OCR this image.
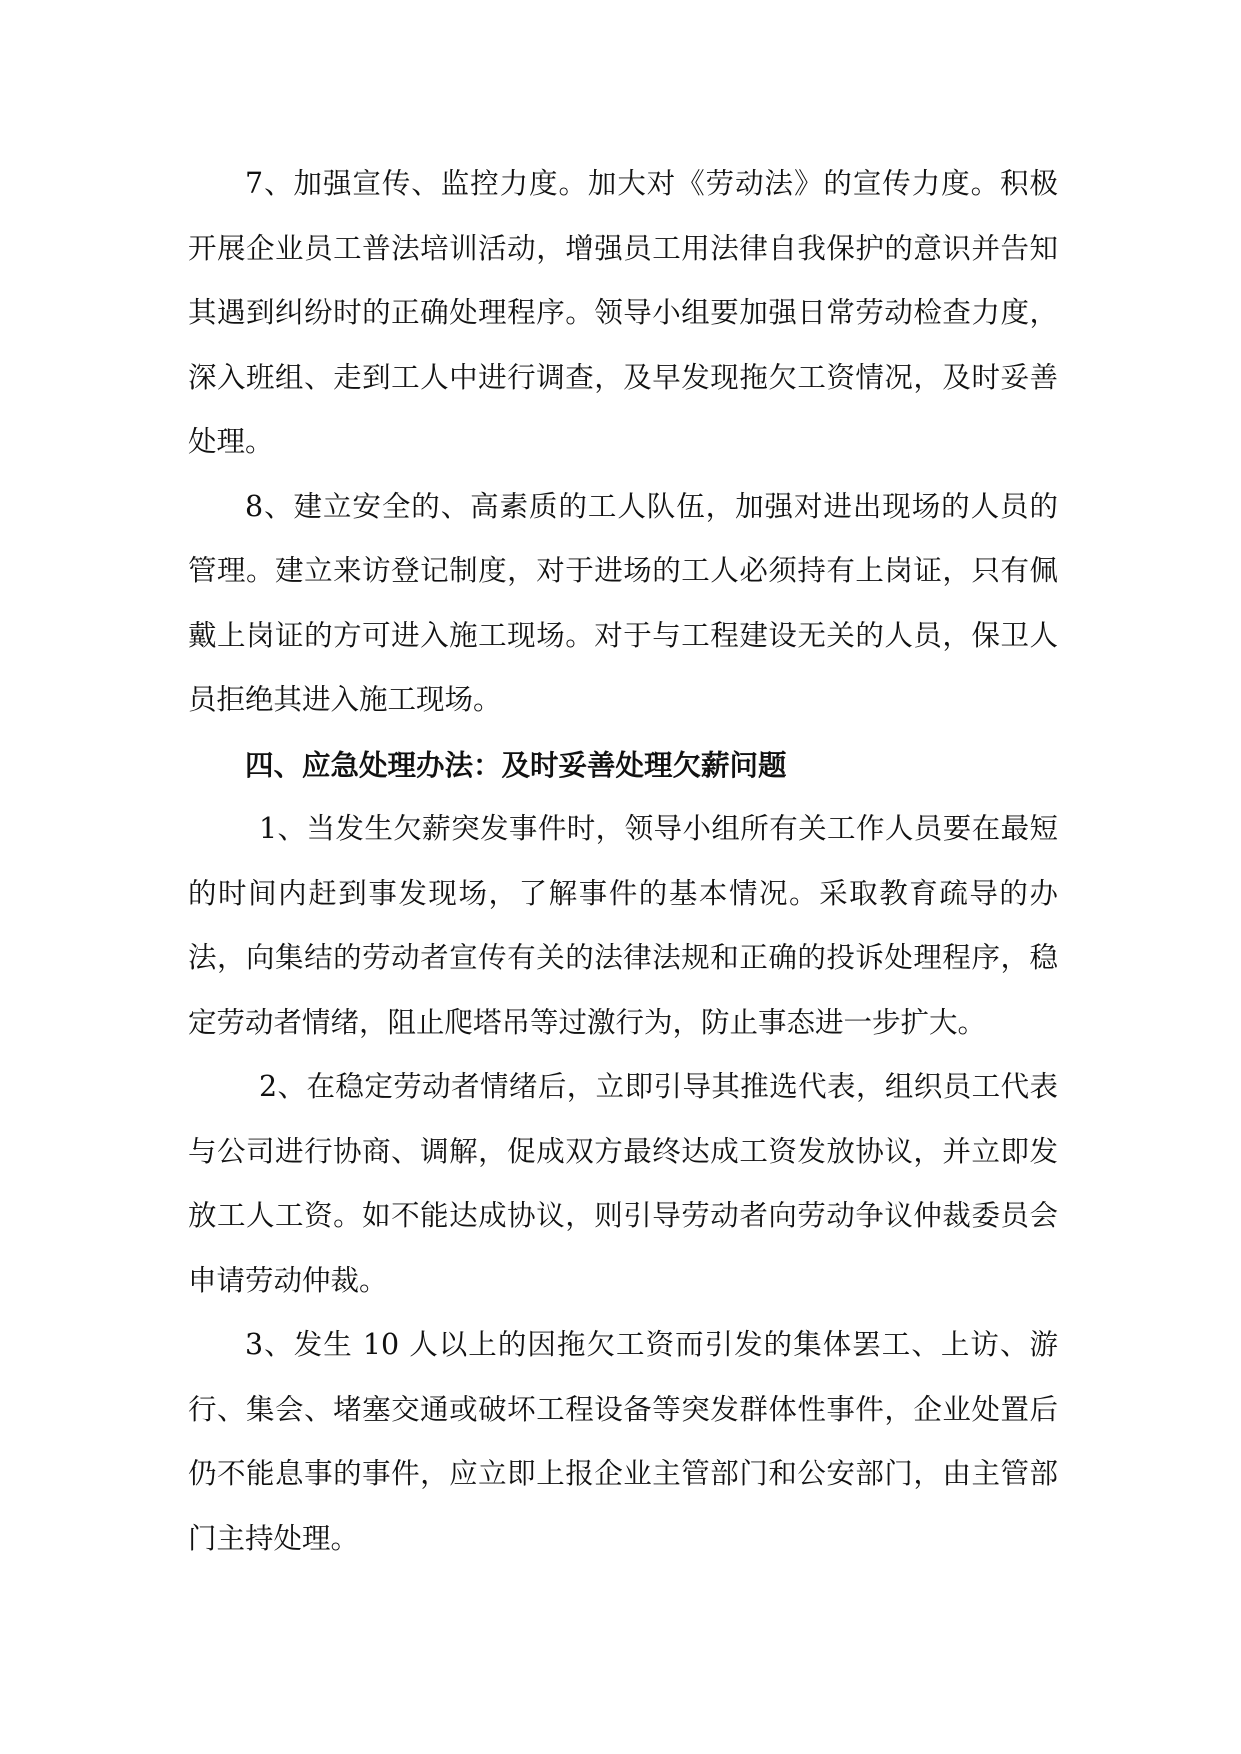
7、加强宣传、监控力度。加大对《劳动法》的宣传力度。积极开展企业员工普法培训活动，增强员工用法律自我保护的意识并告知其遇到纠纷时的正确处理程序。领导小组要加强日常劳动检查力度，深入班组、走到工人中进行调查，及早发现拖欠工资情况，及时妥善处理。

8、建立安全的、高素质的工人队伍，加强对进出现场的人员的管理。建立来访登记制度，对于进场的工人必须持有上岗证，只有佩戴上岗证的方可进入施工现场。对于与工程建设无关的人员，保卫人员拒绝其进入施工现场。

四、应急处理办法：及时妥善处理欠薪问题

1、当发生欠薪突发事件时，领导小组所有关工作人员要在最短的时间内赶到事发现场，了解事件的基本情况。采取教育疏导的办法，向集结的劳动者宣传有关的法律法规和正确的投诉处理程序，稳定劳动者情绪，阻止爬塔吊等过激行为，防止事态进一步扩大。

2、在稳定劳动者情绪后，立即引导其推选代表，组织员工代表与公司进行协商、调解，促成双方最终达成工资发放协议，并立即发放工人工资。如不能达成协议，则引导劳动者向劳动争议仲裁委员会申请劳动仲裁。

3、发生 10 人以上的因拖欠工资而引发的集体罢工、上访、游行、集会、堵塞交通或破坏工程设备等突发群体性事件，企业处置后仍不能息事的事件，应立即上报企业主管部门和公安部门，由主管部门主持处理。
